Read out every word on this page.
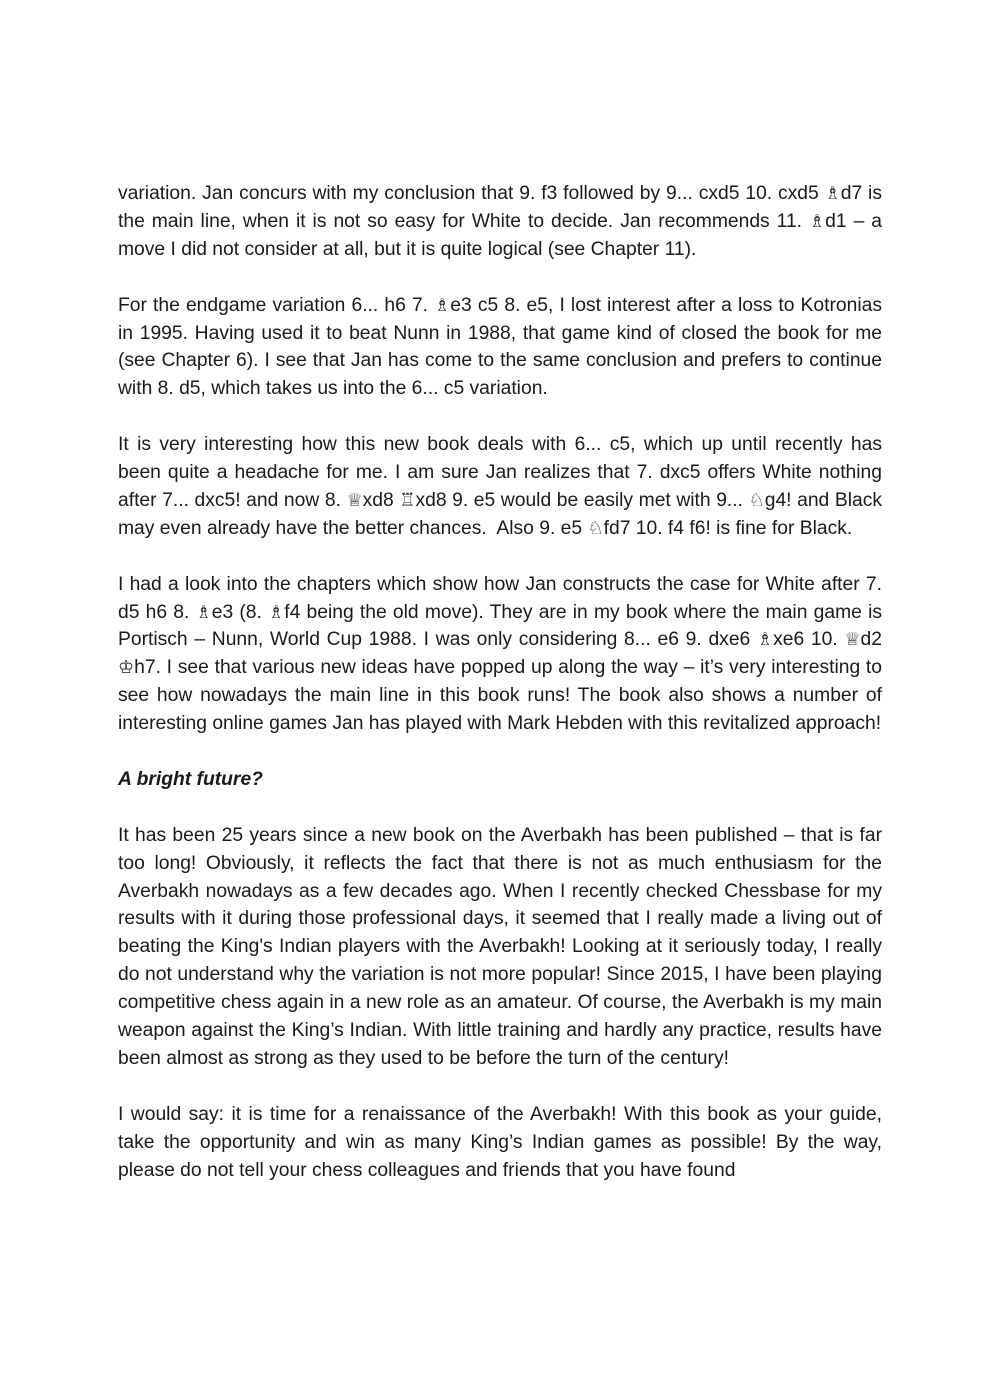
variation. Jan concurs with my conclusion that 9. f3 followed by 9... cxd5 10. cxd5 ♗d7 is the main line, when it is not so easy for White to decide. Jan recommends 11. ♗d1 – a move I did not consider at all, but it is quite logical (see Chapter 11).

For the endgame variation 6... h6 7. ♗e3 c5 8. e5, I lost interest after a loss to Kotronias in 1995. Having used it to beat Nunn in 1988, that game kind of closed the book for me (see Chapter 6). I see that Jan has come to the same conclusion and prefers to continue with 8. d5, which takes us into the 6... c5 variation.

It is very interesting how this new book deals with 6... c5, which up until recently has been quite a headache for me. I am sure Jan realizes that 7. dxc5 offers White nothing after 7... dxc5! and now 8. ♕xd8 ♖xd8 9. e5 would be easily met with 9... ♘g4! and Black may even already have the better chances.  Also 9. e5 ♘fd7 10. f4 f6! is fine for Black.

I had a look into the chapters which show how Jan constructs the case for White after 7. d5 h6 8. ♗e3 (8. ♗f4 being the old move). They are in my book where the main game is Portisch – Nunn, World Cup 1988. I was only considering 8... e6 9. dxe6 ♗xe6 10. ♕d2 ♔h7. I see that various new ideas have popped up along the way – it’s very interesting to see how nowadays the main line in this book runs! The book also shows a number of interesting online games Jan has played with Mark Hebden with this revitalized approach!

A bright future?

It has been 25 years since a new book on the Averbakh has been published – that is far too long! Obviously, it reflects the fact that there is not as much enthusiasm for the Averbakh nowadays as a few decades ago. When I recently checked Chessbase for my results with it during those professional days, it seemed that I really made a living out of beating the King's Indian players with the Averbakh! Looking at it seriously today, I really do not understand why the variation is not more popular! Since 2015, I have been playing competitive chess again in a new role as an amateur. Of course, the Averbakh is my main weapon against the King’s Indian. With little training and hardly any practice, results have been almost as strong as they used to be before the turn of the century!

I would say: it is time for a renaissance of the Averbakh! With this book as your guide, take the opportunity and win as many King’s Indian games as possible! By the way, please do not tell your chess colleagues and friends that you have found
